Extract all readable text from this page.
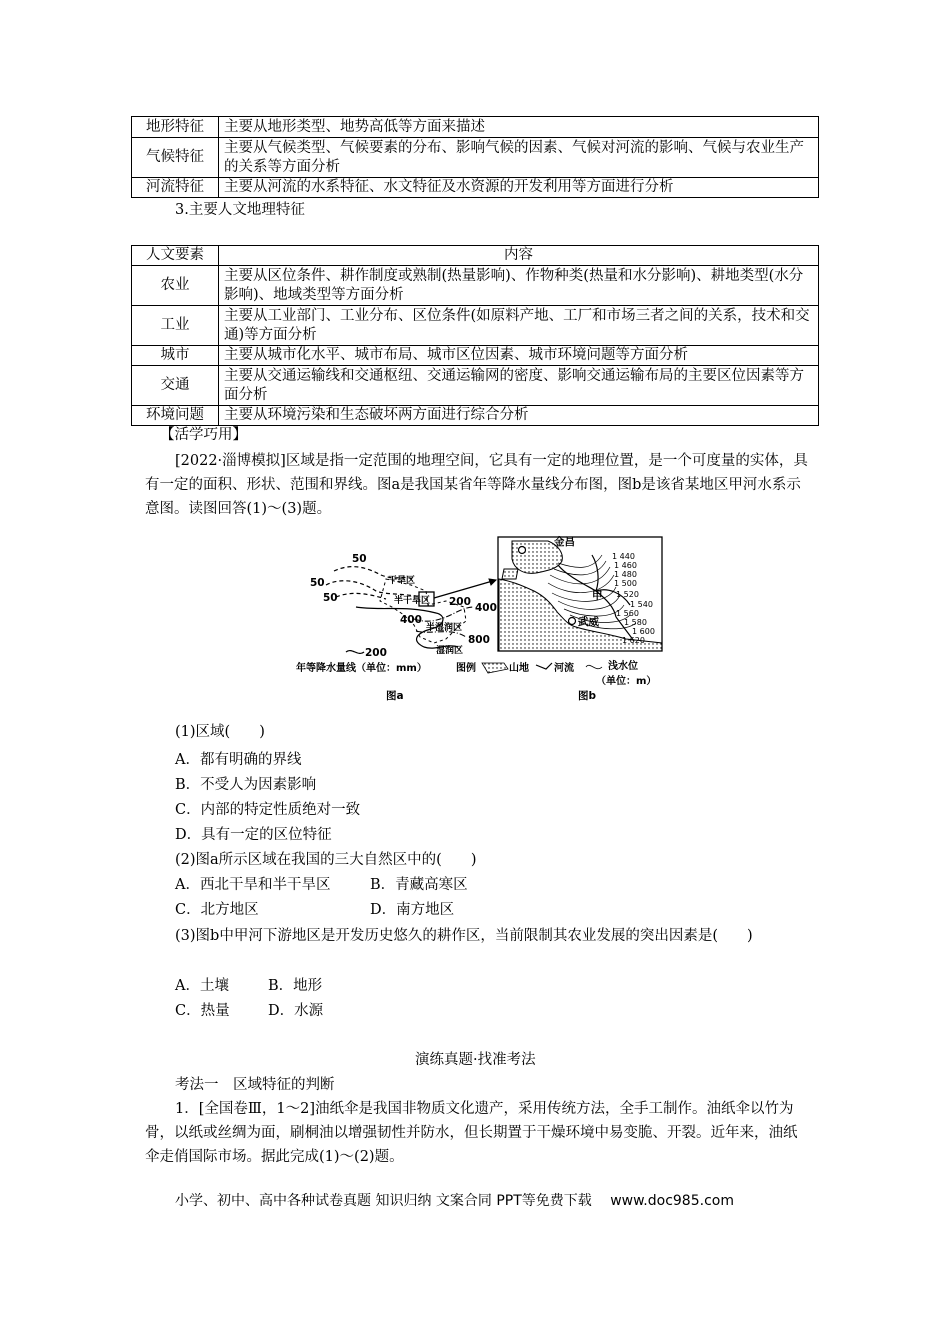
地形特征	主要从地形类型、地势高低等方面来描述
气候特征	主要从气候类型、气候要素的分布、影响气候的因素、气候对河流的影响、气候与农业生产的关系等方面分析
河流特征	主要从河流的水系特征、水文特征及水资源的开发利用等方面进行分析
3.主要人文地理特征
人文要素	内容
农业	主要从区位条件、耕作制度或熟制(热量影响)、作物种类(热量和水分影响)、耕地类型(水分影响)、地域类型等方面分析
工业	主要从工业部门、工业分布、区位条件(如原料产地、工厂和市场三者之间的关系，技术和交通)等方面分析
城市	主要从城市化水平、城市布局、城市区位因素、城市环境问题等方面分析
交通	主要从交通运输线和交通枢纽、交通运输网的密度、影响交通运输布局的主要区位因素等方面分析
环境问题	主要从环境污染和生态破坏两方面进行综合分析
【活学巧用】
[2022·淄博模拟]区域是指一定范围的地理空间，它具有一定的地理位置，是一个可度量的实体，具有一定的面积、形状、范围和界线。图a是我国某省年等降水量线分布图，图b是该省某地区甲河水系示意图。读图回答(1)～(3)题。
50
50
50	200
400
400
800
200
干旱区
半干旱区
半湿润区
湿润区
年等降水量线（单位：mm）
图a
金昌
武威
甲
1 440
1 460
1 480
1 500
1 520
1 540
1 560
1 580
1 600
1 620
图例	山地	河流	浅水位
（单位：m）
图b
(1)区域(　　)
A．都有明确的界线
B．不受人为因素影响
C．内部的特定性质绝对一致
D．具有一定的区位特征
(2)图a所示区域在我国的三大自然区中的(　　)
A．西北干旱和半干旱区	B．青藏高寒区
C．北方地区	D．南方地区
(3)图b中甲河下游地区是开发历史悠久的耕作区，当前限制其农业发展的突出因素是(　　)
A．土壤	B．地形
C．热量	D．水源
演练真题·找准考法
考法一　区域特征的判断
1．[全国卷Ⅲ，1～2]油纸伞是我国非物质文化遗产，采用传统方法，全手工制作。油纸伞以竹为骨，以纸或丝绸为面，刷桐油以增强韧性并防水，但长期置于干燥环境中易变脆、开裂。近年来，油纸伞走俏国际市场。据此完成(1)～(2)题。
小学、初中、高中各种试卷真题 知识归纳 文案合同 PPT等免费下载　 www.doc985.com
